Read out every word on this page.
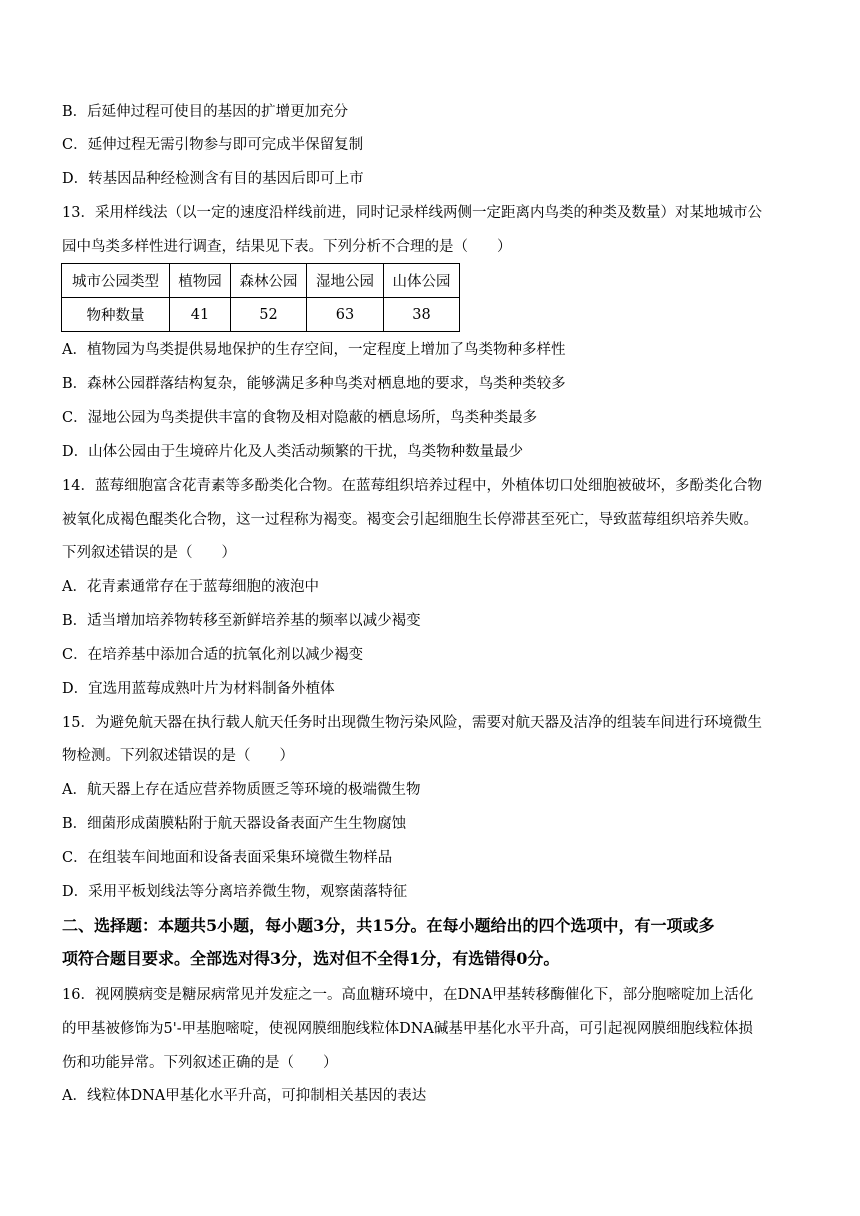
B．后延伸过程可使目的基因的扩增更加充分
C．延伸过程无需引物参与即可完成半保留复制
D．转基因品种经检测含有目的基因后即可上市
13．采用样线法（以一定的速度沿样线前进，同时记录样线两侧一定距离内鸟类的种类及数量）对某地城市公
园中鸟类多样性进行调查，结果见下表。下列分析不合理的是（　　）
城市公园类型	植物园	森林公园	湿地公园	山体公园
物种数量	41	52	63	38
A．植物园为鸟类提供易地保护的生存空间，一定程度上增加了鸟类物种多样性
B．森林公园群落结构复杂，能够满足多种鸟类对栖息地的要求，鸟类种类较多
C．湿地公园为鸟类提供丰富的食物及相对隐蔽的栖息场所，鸟类种类最多
D．山体公园由于生境碎片化及人类活动频繁的干扰，鸟类物种数量最少
14．蓝莓细胞富含花青素等多酚类化合物。在蓝莓组织培养过程中，外植体切口处细胞被破坏，多酚类化合物
被氧化成褐色醌类化合物，这一过程称为褐变。褐变会引起细胞生长停滞甚至死亡，导致蓝莓组织培养失败。
下列叙述错误的是（　　）
A．花青素通常存在于蓝莓细胞的液泡中
B．适当增加培养物转移至新鲜培养基的频率以减少褐变
C．在培养基中添加合适的抗氧化剂以减少褐变
D．宜选用蓝莓成熟叶片为材料制备外植体
15．为避免航天器在执行载人航天任务时出现微生物污染风险，需要对航天器及洁净的组装车间进行环境微生
物检测。下列叙述错误的是（　　）
A．航天器上存在适应营养物质匮乏等环境的极端微生物
B．细菌形成菌膜粘附于航天器设备表面产生生物腐蚀
C．在组装车间地面和设备表面采集环境微生物样品
D．采用平板划线法等分离培养微生物，观察菌落特征
二、选择题：本题共5小题，每小题3分，共15分。在每小题给出的四个选项中，有一项或多
项符合题目要求。全部选对得3分，选对但不全得1分，有选错得0分。
16．视网膜病变是糖尿病常见并发症之一。高血糖环境中，在DNA甲基转移酶催化下，部分胞嘧啶加上活化
的甲基被修饰为5'-甲基胞嘧啶，使视网膜细胞线粒体DNA碱基甲基化水平升高，可引起视网膜细胞线粒体损
伤和功能异常。下列叙述正确的是（　　）
A．线粒体DNA甲基化水平升高，可抑制相关基因的表达
